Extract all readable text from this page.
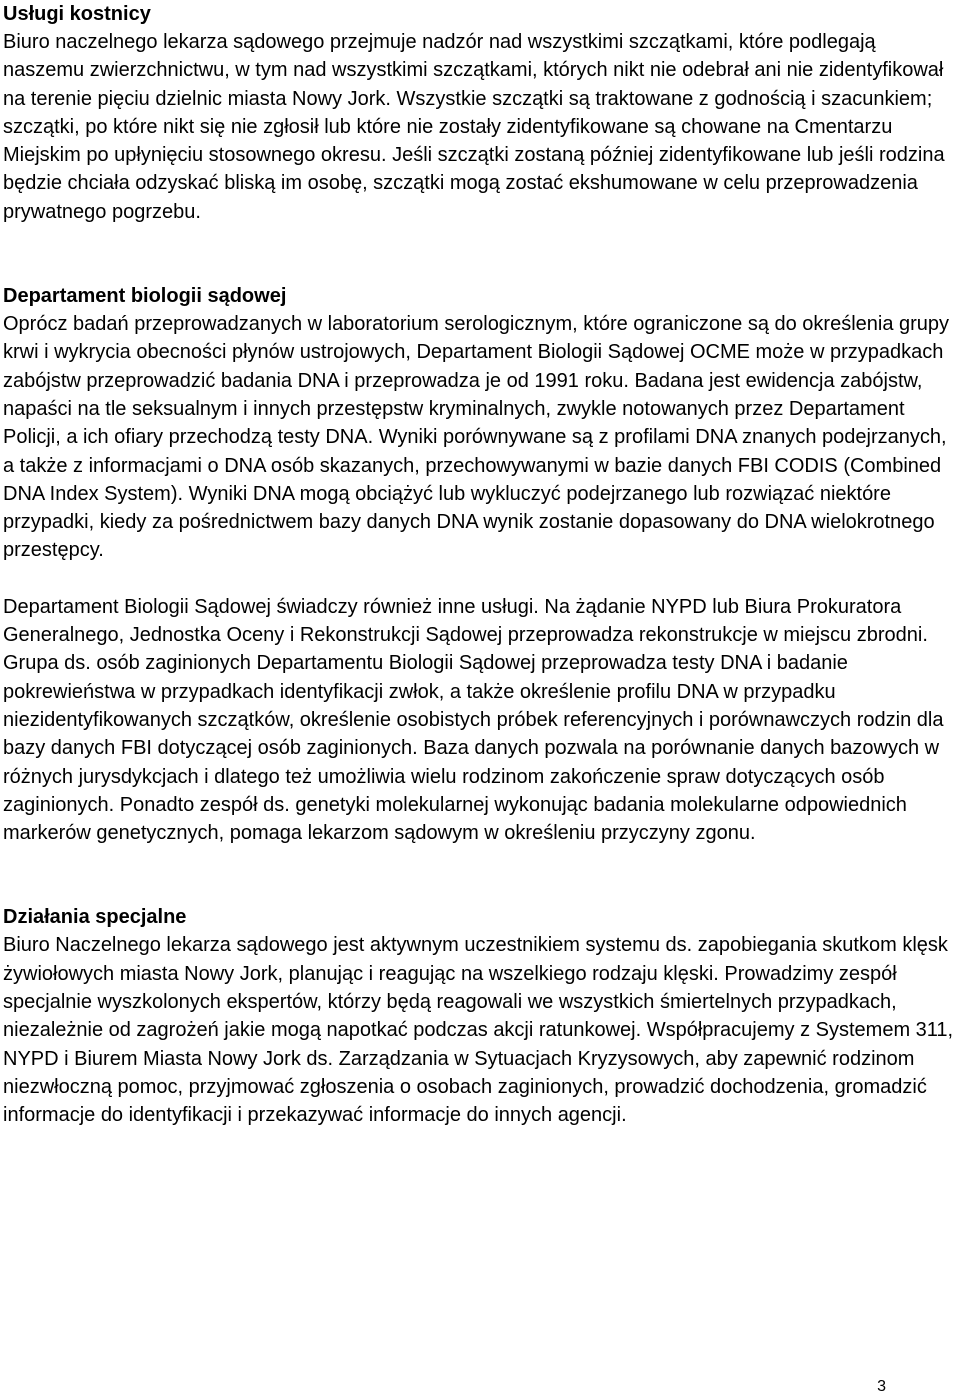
Usługi kostnicy

Biuro naczelnego lekarza sądowego przejmuje nadzór nad wszystkimi szczątkami, które podlegają naszemu zwierzchnictwu, w tym nad wszystkimi szczątkami, których nikt nie odebrał ani nie zidentyfikował na terenie pięciu dzielnic miasta Nowy Jork. Wszystkie szczątki są traktowane z godnością i szacunkiem; szczątki, po które nikt się nie zgłosił lub które nie zostały zidentyfikowane są chowane na Cmentarzu Miejskim po upłynięciu stosownego okresu. Jeśli szczątki zostaną później zidentyfikowane lub jeśli rodzina będzie chciała odzyskać bliską im osobę, szczątki mogą zostać ekshumowane w celu przeprowadzenia prywatnego pogrzebu.

Departament biologii sądowej

Oprócz badań przeprowadzanych w laboratorium serologicznym, które ograniczone są do określenia grupy krwi i wykrycia obecności płynów ustrojowych, Departament Biologii Sądowej OCME może w przypadkach zabójstw przeprowadzić badania DNA i przeprowadza je od 1991 roku. Badana jest ewidencja zabójstw, napaści na tle seksualnym i innych przestępstw kryminalnych, zwykle notowanych przez Departament Policji, a ich ofiary przechodzą testy DNA. Wyniki porównywane są z profilami DNA znanych podejrzanych, a także z informacjami o DNA osób skazanych, przechowywanymi w bazie danych FBI CODIS (Combined DNA Index System). Wyniki DNA mogą obciążyć lub wykluczyć podejrzanego lub rozwiązać niektóre przypadki, kiedy za pośrednictwem bazy danych DNA wynik zostanie dopasowany do DNA wielokrotnego przestępcy.

Departament Biologii Sądowej świadczy również inne usługi. Na żądanie NYPD lub Biura Prokuratora Generalnego, Jednostka Oceny i Rekonstrukcji Sądowej przeprowadza rekonstrukcje w miejscu zbrodni. Grupa ds. osób zaginionych Departamentu Biologii Sądowej przeprowadza testy DNA i badanie pokrewieństwa w przypadkach identyfikacji zwłok, a także określenie profilu DNA w przypadku niezidentyfikowanych szczątków, określenie osobistych próbek referencyjnych i porównawczych rodzin dla bazy danych FBI dotyczącej osób zaginionych. Baza danych pozwala na porównanie danych bazowych w różnych jurysdykcjach i dlatego też umożliwia wielu rodzinom zakończenie spraw dotyczących osób zaginionych. Ponadto zespół ds. genetyki molekularnej wykonując badania molekularne odpowiednich markerów genetycznych, pomaga lekarzom sądowym w określeniu przyczyny zgonu.

Działania specjalne

Biuro Naczelnego lekarza sądowego jest aktywnym uczestnikiem systemu ds. zapobiegania skutkom klęsk żywiołowych miasta Nowy Jork, planując i reagując na wszelkiego rodzaju klęski. Prowadzimy zespół specjalnie wyszkolonych ekspertów, którzy będą reagowali we wszystkich śmiertelnych przypadkach, niezależnie od zagrożeń jakie mogą napotkać podczas akcji ratunkowej. Współpracujemy z Systemem 311, NYPD i Biurem Miasta Nowy Jork ds. Zarządzania w Sytuacjach Kryzysowych, aby zapewnić rodzinom niezwłoczną pomoc, przyjmować zgłoszenia o osobach zaginionych, prowadzić dochodzenia, gromadzić informacje do identyfikacji i przekazywać informacje do innych agencji.

3
